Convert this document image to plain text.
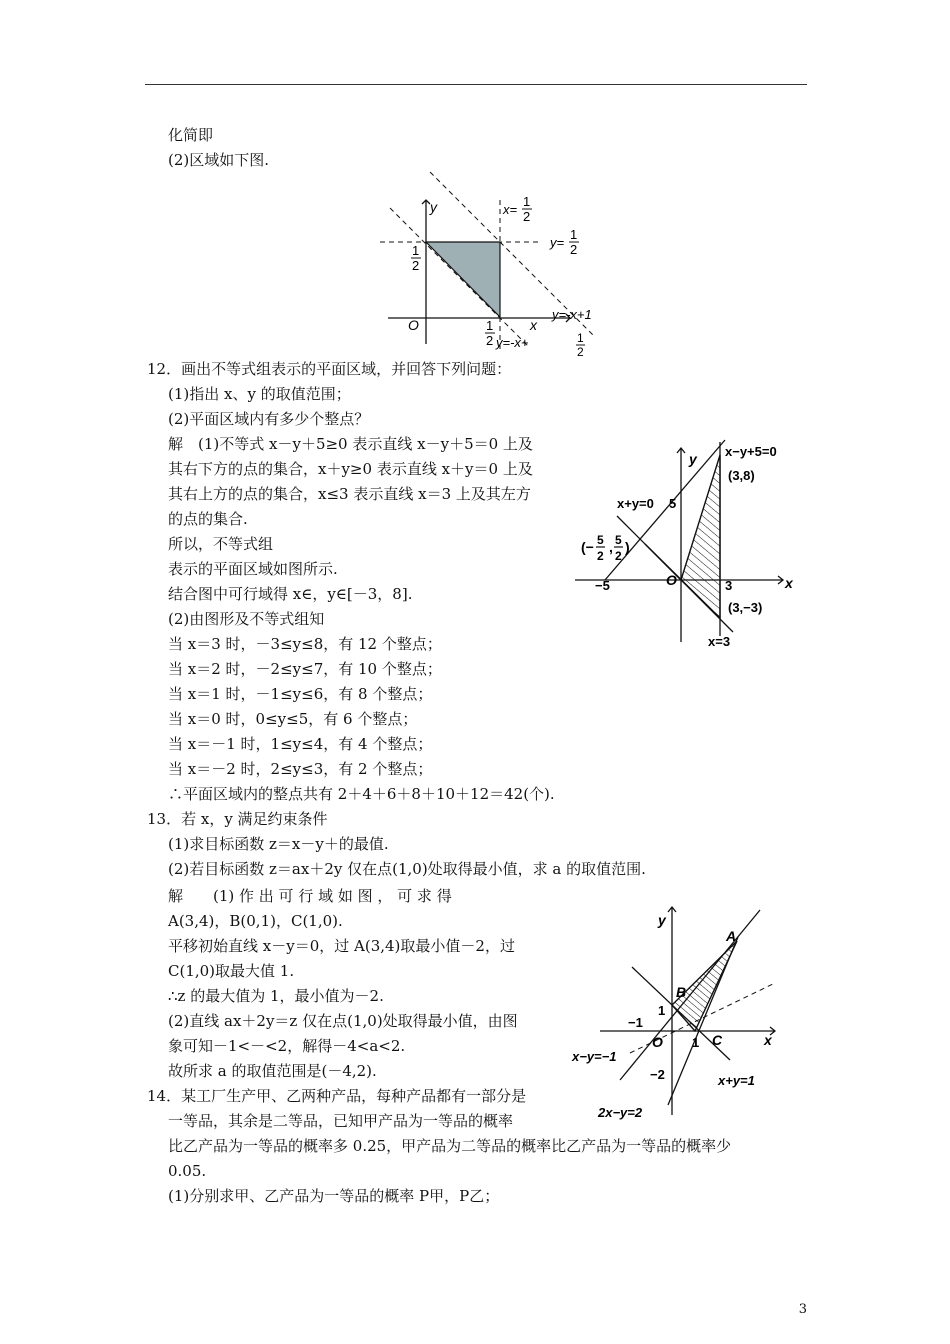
化简即
(2)区域如下图.
y
x
O
1
2
1
2
x=
1
2
y=
1
2
y=-x+1
y=-x+	1
2
12．画出不等式组表示的平面区域，并回答下列问题：
(1)指出 x、y 的取值范围；
(2)平面区域内有多少个整点？
解　(1)不等式 x－y＋5≥0 表示直线 x－y＋5＝0 上及
其右下方的点的集合，x＋y≥0 表示直线 x＋y＝0 上及
其右上方的点的集合，x≤3 表示直线 x＝3 上及其左方
的点的集合.
所以，不等式组
表示的平面区域如图所示.
结合图中可行域得 x∈，y∈[－3，8].
(2)由图形及不等式组知
当 x＝3 时，－3≤y≤8，有 12 个整点；
当 x＝2 时，－2≤y≤7，有 10 个整点；
当 x＝1 时，－1≤y≤6，有 8 个整点；
当 x＝0 时，0≤y≤5，有 6 个整点；
当 x＝－1 时，1≤y≤4，有 4 个整点；
当 x＝－2 时，2≤y≤3，有 2 个整点；
∴平面区域内的整点共有 2＋4＋6＋8＋10＋12＝42(个).
y
x
O
x−y+5=0
(3,8)
x+y=0 5
−5	3
(− 5
2
, 5
2
)
(3,−3)
x=3
13．若 x，y 满足约束条件
(1)求目标函数 z＝x－y＋的最值.
(2)若目标函数 z＝ax＋2y 仅在点(1,0)处取得最小值，求 a 的取值范围.
解　　(1) 作 出 可 行 域 如 图 ， 可 求 得
A(3,4)，B(0,1)，C(1,0).
平移初始直线 x－y＝0，过 A(3,4)取最小值－2，过
C(1,0)取最大值 1.
∴z 的最大值为 1，最小值为－2.
(2)直线 ax＋2y＝z 仅在点(1,0)处取得最小值，由图
象可知－1<－<2，解得－4<a<2.
故所求 a 的取值范围是(－4,2).
y
x
O
A
B
C
1
−1
1
−2
x−y=−1
x+y=1
2x−y=2
14．某工厂生产甲、乙两种产品，每种产品都有一部分是
一等品，其余是二等品，已知甲产品为一等品的概率
比乙产品为一等品的概率多 0.25，甲产品为二等品的概率比乙产品为一等品的概率少
0.05.
(1)分别求甲、乙产品为一等品的概率 P甲，P乙；
3
